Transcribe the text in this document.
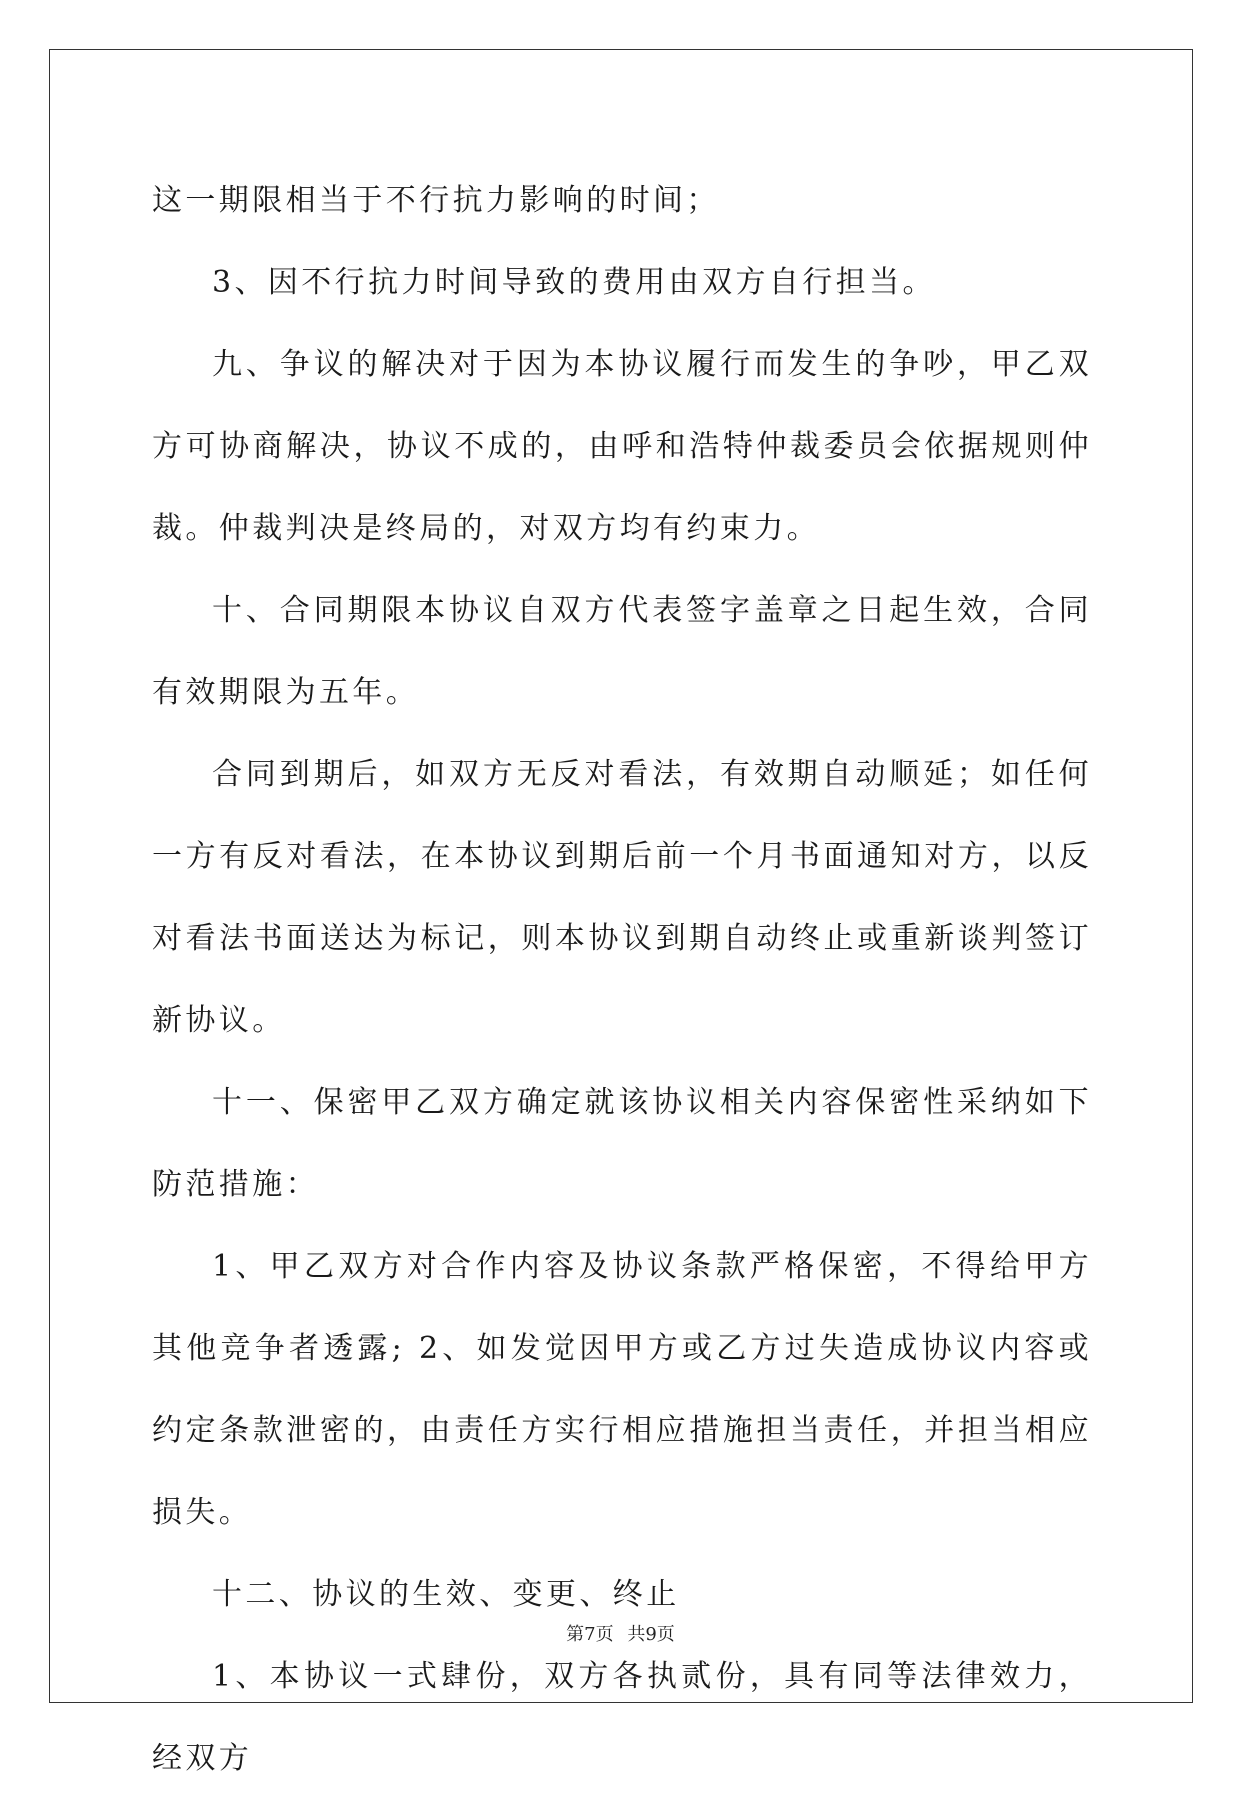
这一期限相当于不行抗力影响的时间；

3、因不行抗力时间导致的费用由双方自行担当。

九、争议的解决对于因为本协议履行而发生的争吵，甲乙双方可协商解决，协议不成的，由呼和浩特仲裁委员会依据规则仲裁。仲裁判决是终局的，对双方均有约束力。

十、合同期限本协议自双方代表签字盖章之日起生效，合同有效期限为五年。

合同到期后，如双方无反对看法，有效期自动顺延；如任何一方有反对看法，在本协议到期后前一个月书面通知对方，以反对看法书面送达为标记，则本协议到期自动终止或重新谈判签订新协议。

十一、保密甲乙双方确定就该协议相关内容保密性采纳如下防范措施：

1、甲乙双方对合作内容及协议条款严格保密，不得给甲方其他竞争者透露; 2、如发觉因甲方或乙方过失造成协议内容或约定条款泄密的，由责任方实行相应措施担当责任，并担当相应损失。

十二、协议的生效、变更、终止

1、本协议一式肆份，双方各执贰份，具有同等法律效力，经双方

第7页 共9页
